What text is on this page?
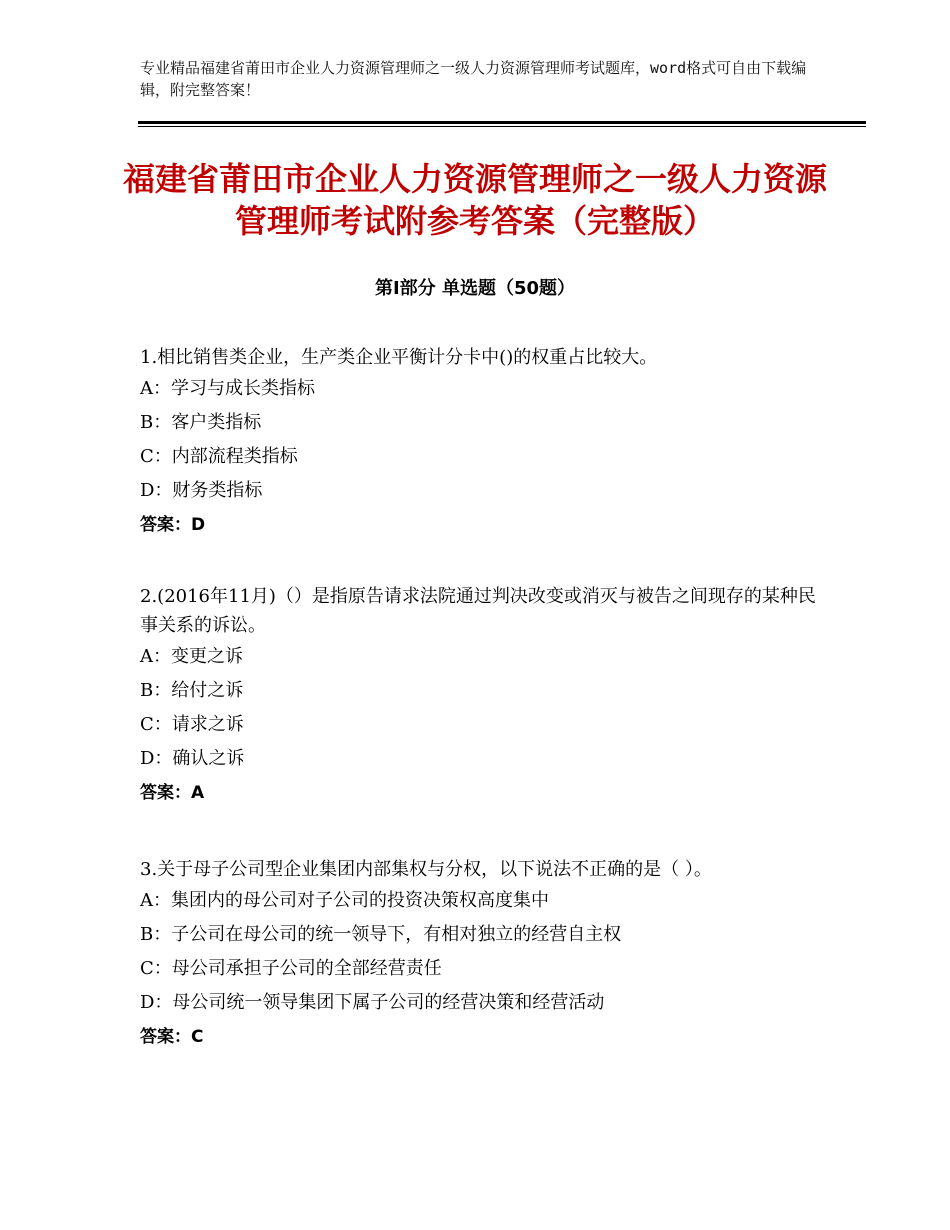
专业精品福建省莆田市企业人力资源管理师之一级人力资源管理师考试题库，word格式可自由下载编辑，附完整答案！
福建省莆田市企业人力资源管理师之一级人力资源管理师考试附参考答案（完整版）
第Ⅰ部分 单选题（50题）

1.相比销售类企业，生产类企业平衡计分卡中()的权重占比较大。

A：学习与成长类指标

B：客户类指标

C：内部流程类指标

D：财务类指标

答案：D

2.(2016年11月)（）是指原告请求法院通过判决改变或消灭与被告之间现存的某种民事关系的诉讼。

A：变更之诉

B：给付之诉

C：请求之诉

D：确认之诉

答案：A

3.关于母子公司型企业集团内部集权与分权，以下说法不正确的是（ ）。

A：集团内的母公司对子公司的投资决策权高度集中

B：子公司在母公司的统一领导下，有相对独立的经营自主权

C：母公司承担子公司的全部经营责任

D：母公司统一领导集团下属子公司的经营决策和经营活动

答案：C
